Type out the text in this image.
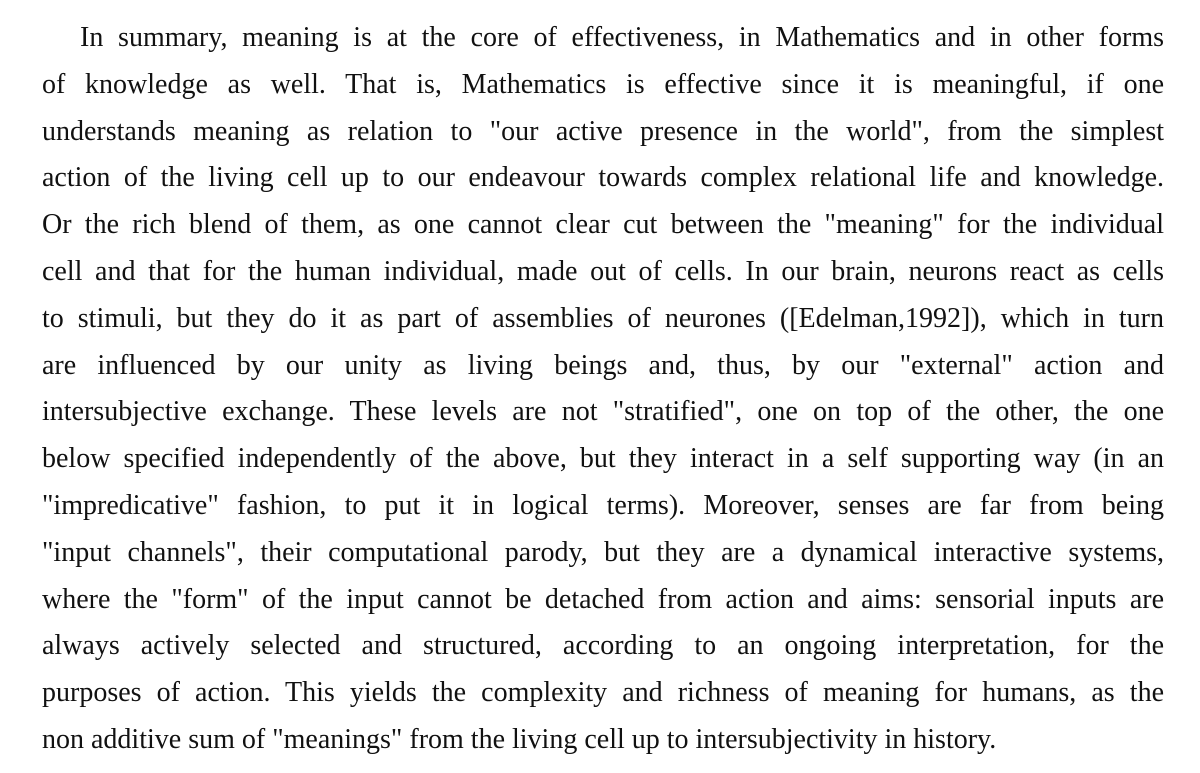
In summary, meaning is at the core of effectiveness, in Mathematics and in other forms
of knowledge as well. That is, Mathematics is effective since it is meaningful, if one
understands meaning as relation to "our active presence in the world", from the simplest
action of the living cell up to our endeavour towards complex relational life and knowledge.
Or the rich blend of them, as one cannot clear cut between the "meaning" for the individual
cell and that for the human individual, made out of cells. In our brain, neurons react as cells
to stimuli, but they do it as part of assemblies of neurones ([Edelman,1992]), which in turn
are influenced by our unity as living beings and, thus, by our "external" action and
intersubjective exchange. These levels are not "stratified", one on top of the other, the one
below specified independently of the above, but they interact in a self supporting way (in an
"impredicative" fashion, to put it in logical terms). Moreover, senses are far from being
"input channels", their computational parody, but they are a dynamical interactive systems,
where the "form" of the input cannot be detached from action and aims: sensorial inputs are
always actively selected and structured, according to an ongoing interpretation, for the
purposes of action. This yields the complexity and richness of meaning for humans, as the
non additive sum of "meanings" from the living cell up to intersubjectivity in history.
